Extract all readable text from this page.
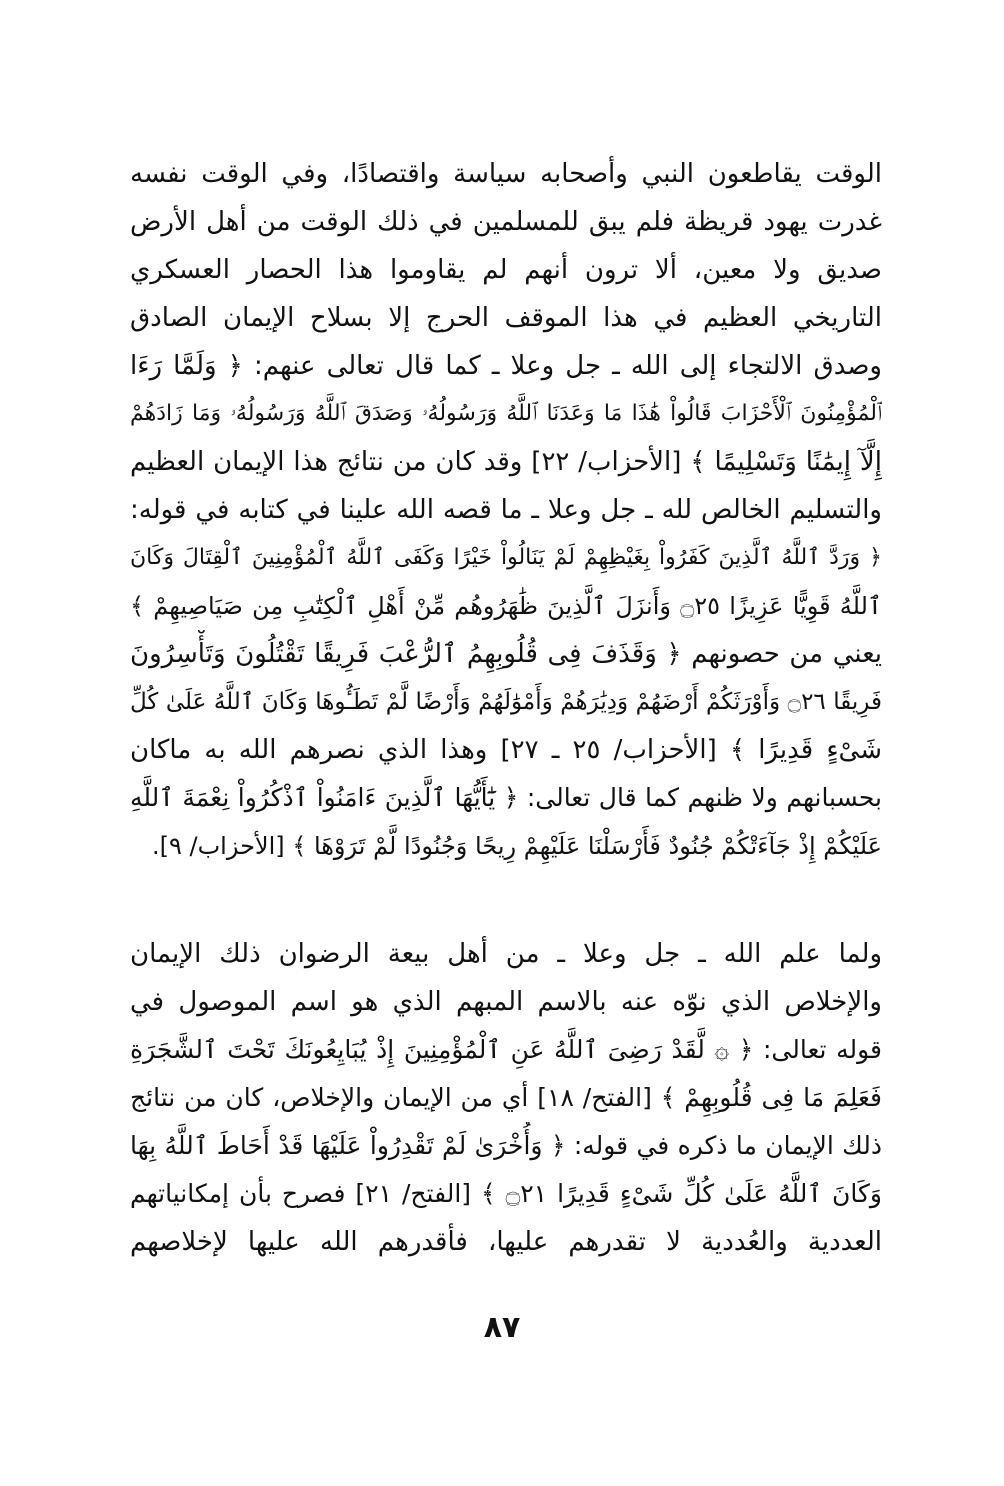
الوقت يقاطعون النبي وأصحابه سياسة واقتصادًا، وفي الوقت نفسه
غدرت يهود قريظة فلم يبق للمسلمين في ذلك الوقت من أهل الأرض
صديق ولا معين، ألا ترون أنهم لم يقاوموا هذا الحصار العسكري
التاريخي العظيم في هذا الموقف الحرج إلا بسلاح الإيمان الصادق
وصدق الالتجاء إلى الله ـ جل وعلا ـ كما قال تعالى عنهم: ﴿ وَلَمَّا رَءَا
ٱلْمُؤْمِنُونَ ٱلْأَحْزَابَ قَالُواْ هَٰذَا مَا وَعَدَنَا ٱللَّهُ وَرَسُولُهُۥ وَصَدَقَ ٱللَّهُ وَرَسُولُهُۥ وَمَا زَادَهُمْ
إِلَّآ إِيمَٰنًا وَتَسْلِيمًا ﴾ [الأحزاب/ ٢٢] وقد كان من نتائج هذا الإيمان العظيم
والتسليم الخالص لله ـ جل وعلا ـ ما قصه الله علينا في كتابه في قوله:
﴿ وَرَدَّ ٱللَّهُ ٱلَّذِينَ كَفَرُواْ بِغَيْظِهِمْ لَمْ يَنَالُواْ خَيْرًا وَكَفَى ٱللَّهُ ٱلْمُؤْمِنِينَ ٱلْقِتَالَ وَكَانَ
ٱللَّهُ قَوِيًّا عَزِيزًا ۝٢٥ وَأَنزَلَ ٱلَّذِينَ ظَٰهَرُوهُم مِّنْ أَهْلِ ٱلْكِتَٰبِ مِن صَيَاصِيهِمْ ﴾
يعني من حصونهم ﴿ وَقَذَفَ فِى قُلُوبِهِمُ ٱلرُّعْبَ فَرِيقًا تَقْتُلُونَ وَتَأْسِرُونَ
فَرِيقًا ۝٢٦ وَأَوْرَثَكُمْ أَرْضَهُمْ وَدِيَٰرَهُمْ وَأَمْوَٰلَهُمْ وَأَرْضًا لَّمْ تَطَـُٔوهَا وَكَانَ ٱللَّهُ عَلَىٰ كُلِّ
شَىْءٍ قَدِيرًا ﴾ [الأحزاب/ ٢٥ ـ ٢٧] وهذا الذي نصرهم الله به ماكان
بحسبانهم ولا ظنهم كما قال تعالى: ﴿ يَٰٓأَيُّهَا ٱلَّذِينَ ءَامَنُواْ ٱذْكُرُواْ نِعْمَةَ ٱللَّهِ
عَلَيْكُمْ إِذْ جَآءَتْكُمْ جُنُودٌ فَأَرْسَلْنَا عَلَيْهِمْ رِيحًا وَجُنُودًا لَّمْ تَرَوْهَا ﴾ [الأحزاب/ ٩].
ولما علم الله ـ جل وعلا ـ من أهل بيعة الرضوان ذلك الإيمان
والإخلاص الذي نوّه عنه بالاسم المبهم الذي هو اسم الموصول في
قوله تعالى: ﴿ ۞ لَّقَدْ رَضِىَ ٱللَّهُ عَنِ ٱلْمُؤْمِنِينَ إِذْ يُبَايِعُونَكَ تَحْتَ ٱلشَّجَرَةِ
فَعَلِمَ مَا فِى قُلُوبِهِمْ ﴾ [الفتح/ ١٨] أي من الإيمان والإخلاص، كان من نتائج
ذلك الإيمان ما ذكره في قوله: ﴿ وَأُخْرَىٰ لَمْ تَقْدِرُواْ عَلَيْهَا قَدْ أَحَاطَ ٱللَّهُ بِهَا
وَكَانَ ٱللَّهُ عَلَىٰ كُلِّ شَىْءٍ قَدِيرًا ۝٢١ ﴾ [الفتح/ ٢١] فصرح بأن إمكانياتهم
العددية والعُددية لا تقدرهم عليها، فأقدرهم الله عليها لإخلاصهم
٨٧
